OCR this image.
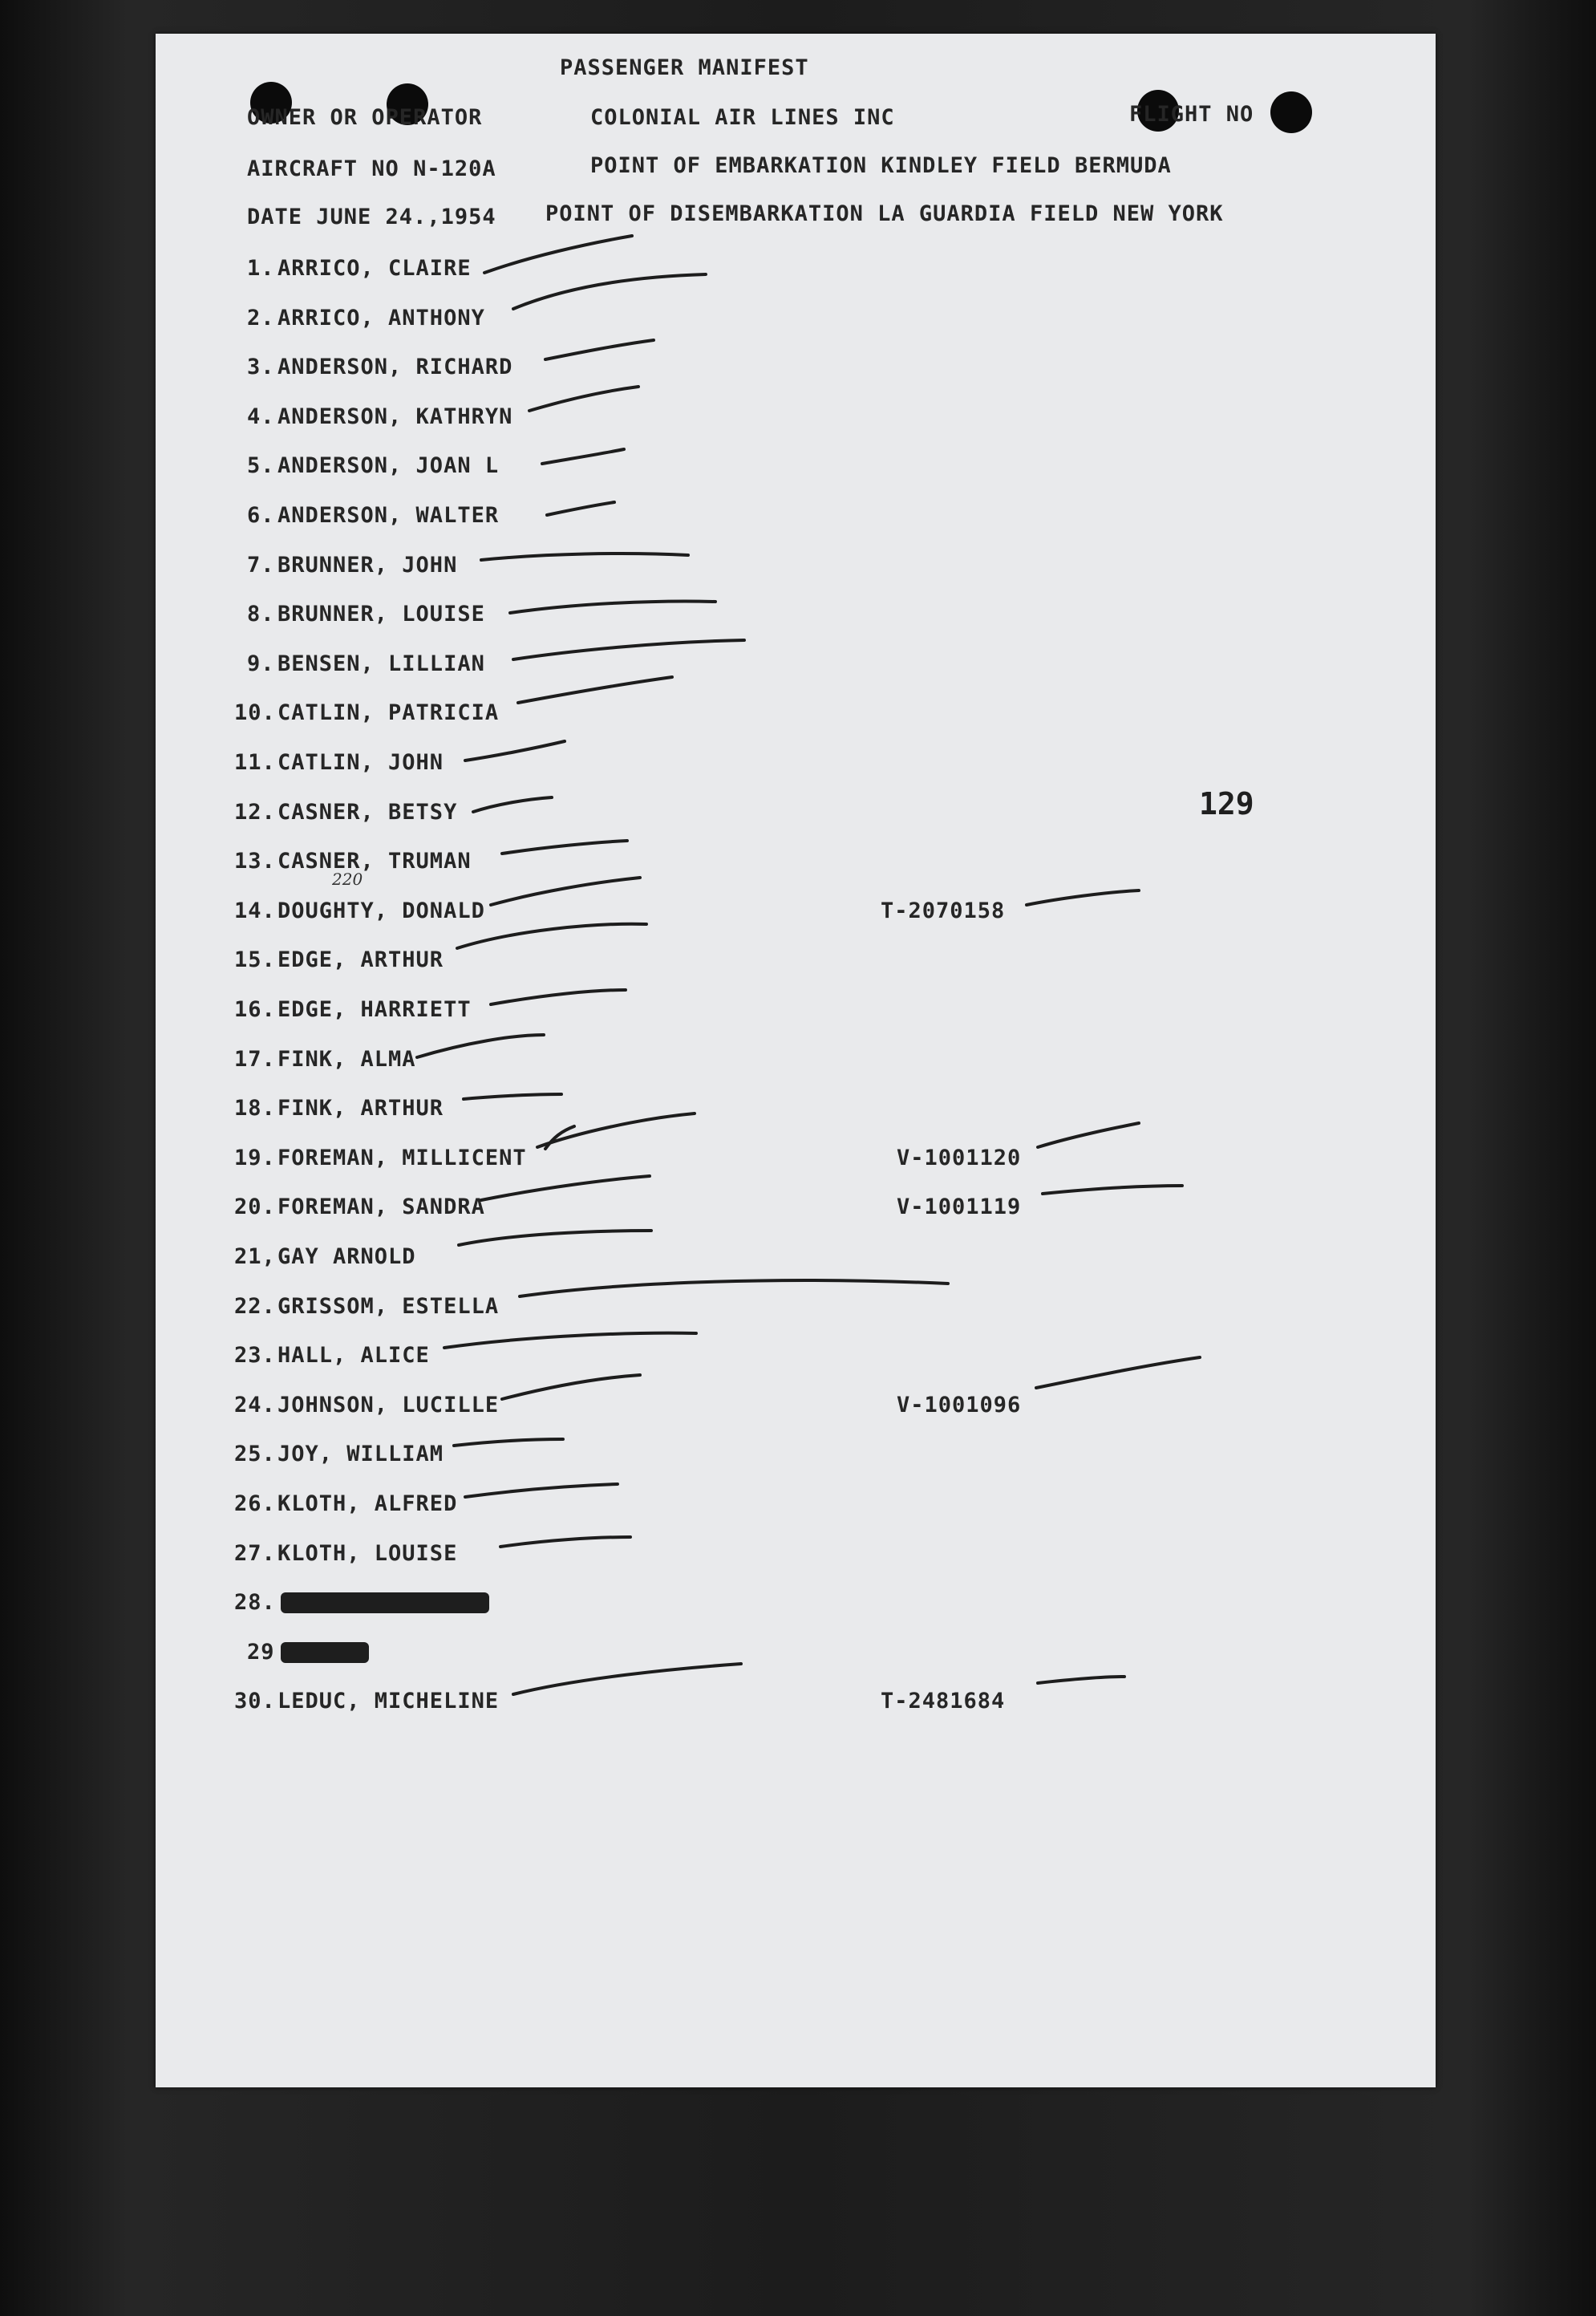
PASSENGER MANIFEST
OWNER OR OPERATOR	COLONIAL AIR LINES INC	FLIGHT NO
AIRCRAFT NO N-120A	POINT OF EMBARKATION KINDLEY FIELD BERMUDA
DATE JUNE 24.,1954 POINT OF DISEMBARKATION LA GUARDIA FIELD NEW YORK
129
220
1. ARRICO, CLAIRE
2. ARRICO, ANTHONY
3. ANDERSON, RICHARD
4. ANDERSON, KATHRYN
5. ANDERSON, JOAN L
6. ANDERSON, WALTER
7. BRUNNER, JOHN
8. BRUNNER, LOUISE
9. BENSEN, LILLIAN
10. CATLIN, PATRICIA
11. CATLIN, JOHN
12. CASNER, BETSY
13. CASNER, TRUMAN
14. DOUGHTY, DONALD	T-2070158
15. EDGE, ARTHUR
16. EDGE, HARRIETT
17. FINK, ALMA
18. FINK, ARTHUR
19. FOREMAN, MILLICENT	V-1001120
20. FOREMAN, SANDRA	V-1001119
21, GAY ARNOLD
22. GRISSOM, ESTELLA
23. HALL, ALICE
24. JOHNSON, LUCILLE	V-1001096
25. JOY, WILLIAM
26. KLOTH, ALFRED
27. KLOTH, LOUISE
28.
29
30. LEDUC, MICHELINE	T-2481684
